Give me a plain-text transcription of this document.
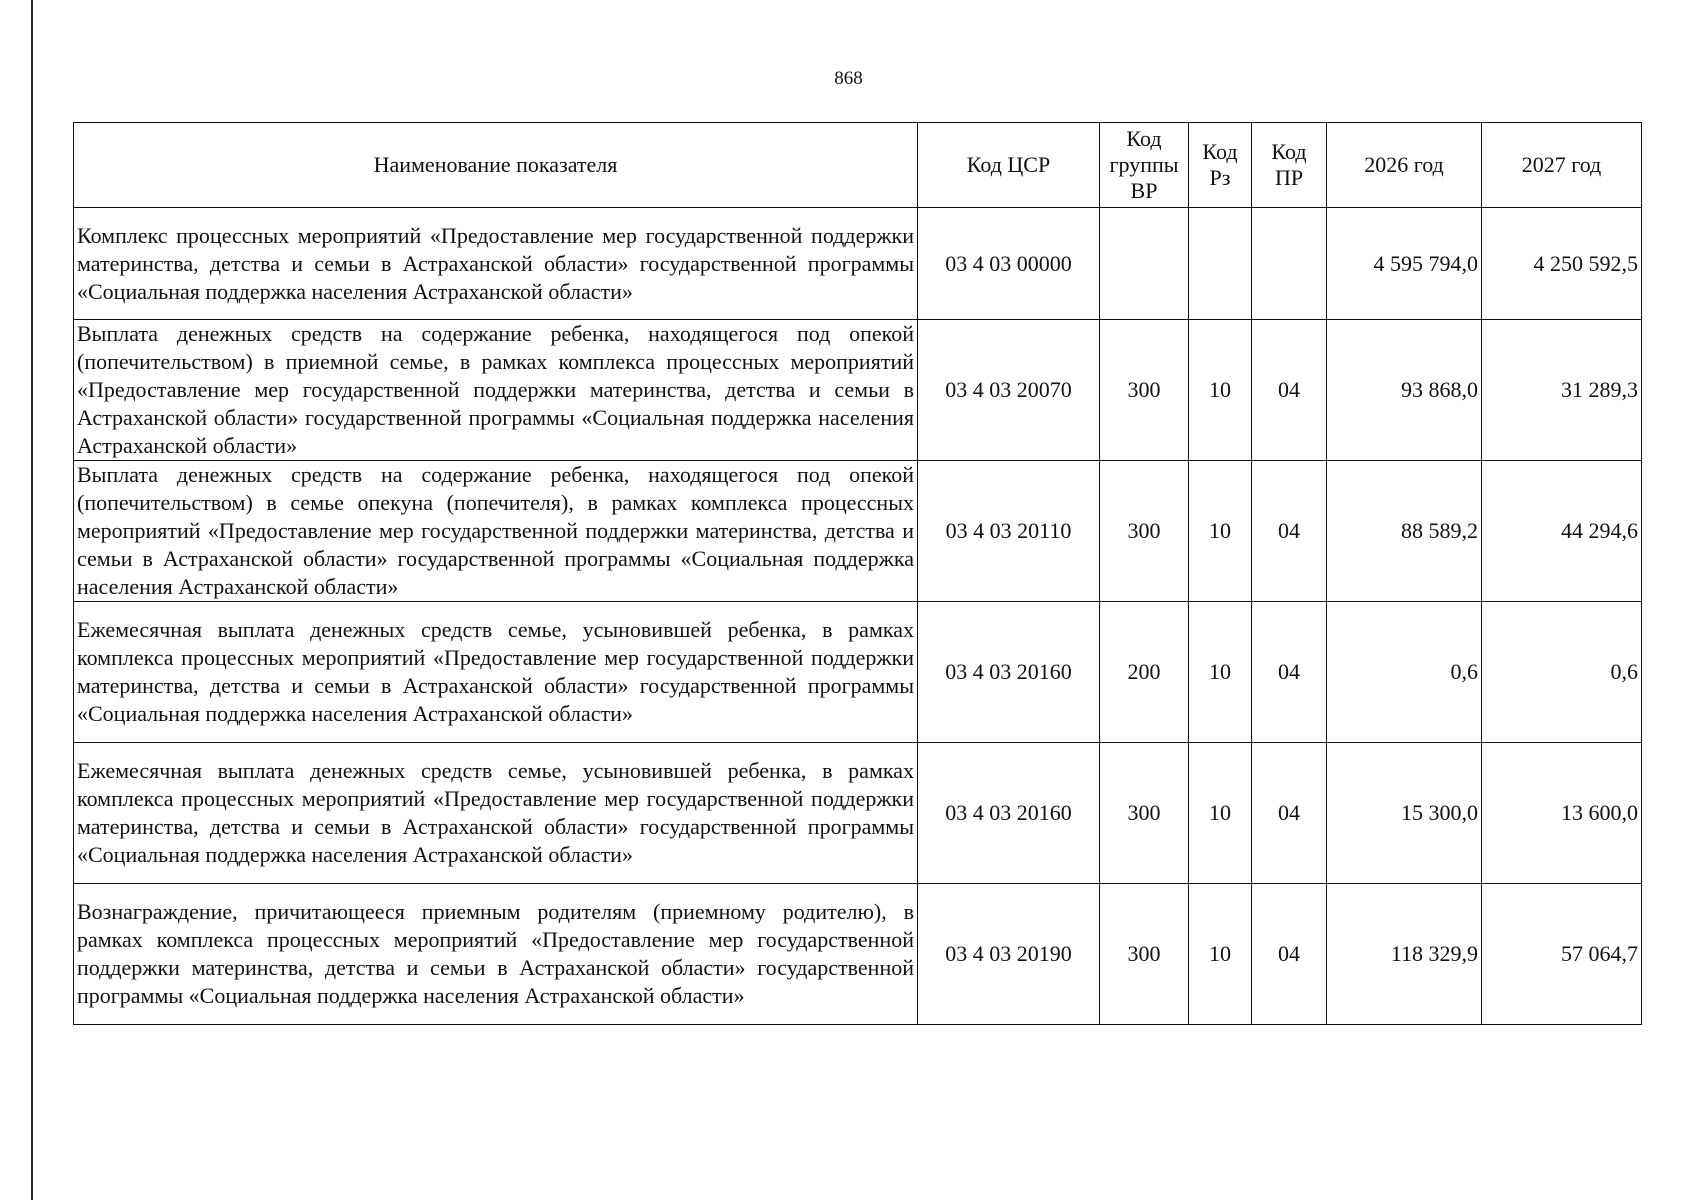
868
Наименование показателя	Код ЦСР	Код группы ВР	Код Рз	Код ПР	2026 год	2027 год
Комплекс процессных мероприятий «Предоставление мер государственной поддержки материнства, детства и семьи в Астраханской области» государственной программы «Социальная поддержка населения Астраханской области»	03 4 03 00000				4 595 794,0	4 250 592,5
Выплата денежных средств на содержание ребенка, находящегося под опекой (попечительством) в приемной семье, в рамках комплекса процессных мероприятий «Предоставление мер государственной поддержки материнства, детства и семьи в Астраханской области» государственной программы «Социальная поддержка населения Астраханской области»	03 4 03 20070	300	10	04	93 868,0	31 289,3
Выплата денежных средств на содержание ребенка, находящегося под опекой (попечительством) в семье опекуна (попечителя), в рамках комплекса процессных мероприятий «Предоставление мер государственной поддержки материнства, детства и семьи в Астраханской области» государственной программы «Социальная поддержка населения Астраханской области»	03 4 03 20110	300	10	04	88 589,2	44 294,6
Ежемесячная выплата денежных средств семье, усыновившей ребенка, в рамках комплекса процессных мероприятий «Предоставление мер государственной поддержки материнства, детства и семьи в Астраханской области» государственной программы «Социальная поддержка населения Астраханской области»	03 4 03 20160	200	10	04	0,6	0,6
Ежемесячная выплата денежных средств семье, усыновившей ребенка, в рамках комплекса процессных мероприятий «Предоставление мер государственной поддержки материнства, детства и семьи в Астраханской области» государственной программы «Социальная поддержка населения Астраханской области»	03 4 03 20160	300	10	04	15 300,0	13 600,0
Вознаграждение, причитающееся приемным родителям (приемному родителю), в рамках комплекса процессных мероприятий «Предоставление мер государственной поддержки материнства, детства и семьи в Астраханской области» государственной программы «Социальная поддержка населения Астраханской области»	03 4 03 20190	300	10	04	118 329,9	57 064,7
